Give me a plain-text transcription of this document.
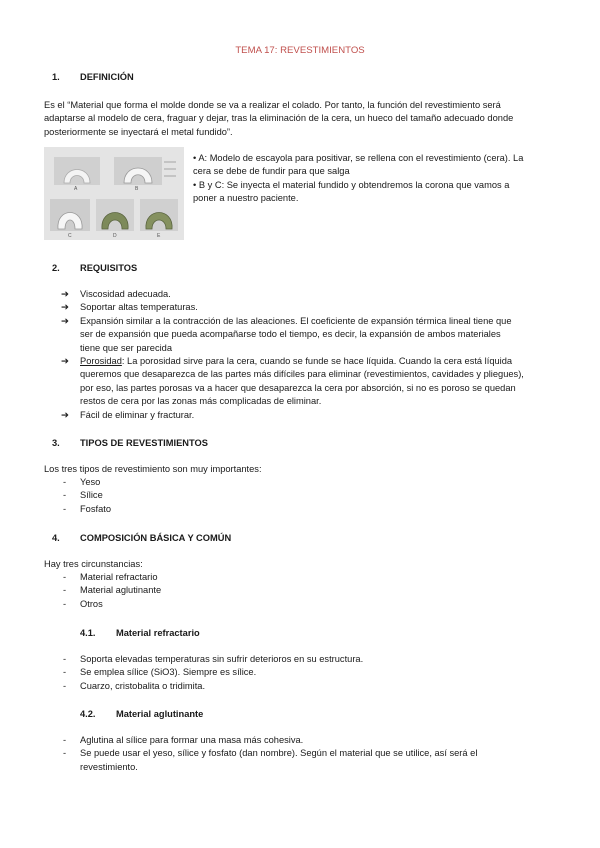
TEMA 17: REVESTIMIENTOS
1. DEFINICIÓN
Es el “Material que forma el molde donde se va a realizar el colado. Por tanto, la función del revestimiento será
adaptarse al modelo de cera, fraguar y dejar, tras la eliminación de la cera, un hueco del tamaño adecuado donde
posteriormente se inyectará el metal fundido”.
A	B
C	D	E
• A: Modelo de escayola para positivar, se rellena con el revestimiento (cera). La
cera se debe de fundir para que salga
• B y C: Se inyecta el material fundido y obtendremos la corona que vamos a
poner a nuestro paciente.
2. REQUISITOS
➔ Viscosidad adecuada.
➔ Soportar altas temperaturas.
➔ Expansión similar a la contracción de las aleaciones. El coeficiente de expansión térmica lineal tiene que
ser de expansión que pueda acompañarse todo el tiempo, es decir, la expansión de ambos materiales
tiene que ser parecida
➔ Porosidad: La porosidad sirve para la cera, cuando se funde se hace líquida. Cuando la cera está líquida
queremos que desaparezca de las partes más difíciles para eliminar (revestimientos, cavidades y pliegues),
por eso, las partes porosas va a hacer que desaparezca la cera por absorción, si no es poroso se quedan
restos de cera por las zonas más complicadas de eliminar.
➔ Fácil de eliminar y fracturar.
3. TIPOS DE REVESTIMIENTOS
Los tres tipos de revestimiento son muy importantes:
- Yeso
- Sílice
- Fosfato
4. COMPOSICIÓN BÁSICA Y COMÚN
Hay tres circunstancias:
- Material refractario
- Material aglutinante
- Otros
4.1. Material refractario
- Soporta elevadas temperaturas sin sufrir deterioros en su estructura.
- Se emplea sílice (SiO3). Siempre es sílice.
- Cuarzo, cristobalita o tridimita.
4.2. Material aglutinante
- Aglutina al sílice para formar una masa más cohesiva.
- Se puede usar el yeso, sílice y fosfato (dan nombre). Según el material que se utilice, así será el
revestimiento.
